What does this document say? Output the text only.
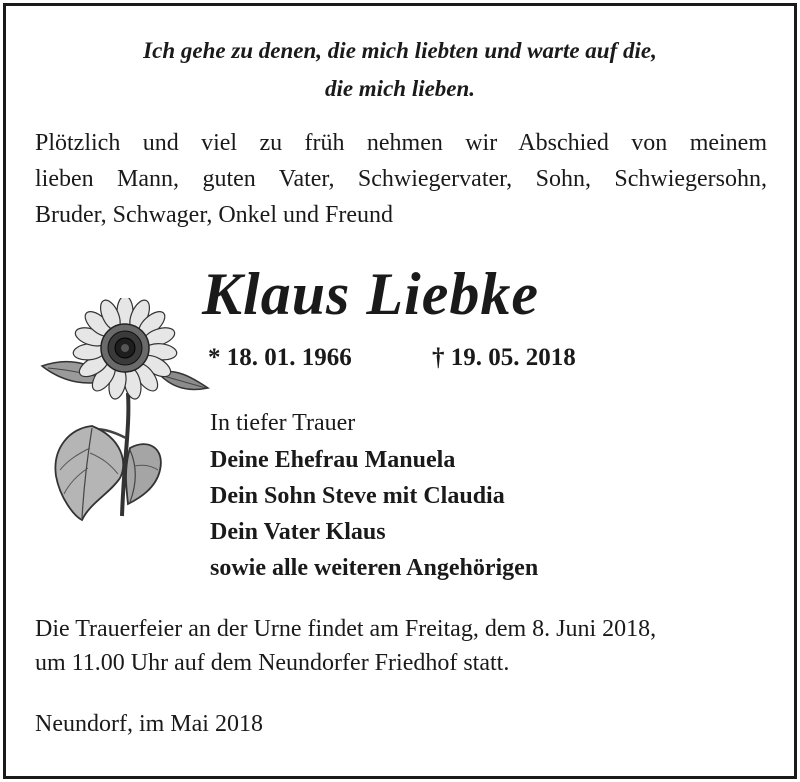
Ich gehe zu denen, die mich liebten und warte auf die,
die mich lieben.
Plötzlich und viel zu früh nehmen wir Abschied von meinem
lieben Mann, guten Vater, Schwiegervater, Sohn, Schwiegersohn,
Bruder, Schwager, Onkel und Freund
Klaus Liebke
* 18. 01. 1966	† 19. 05. 2018
In tiefer Trauer
Deine Ehefrau Manuela
Dein Sohn Steve mit Claudia
Dein Vater Klaus
sowie alle weiteren Angehörigen
Die Trauerfeier an der Urne findet am Freitag, dem 8. Juni 2018,
um 11.00 Uhr auf dem Neundorfer Friedhof statt.
Neundorf, im Mai 2018
